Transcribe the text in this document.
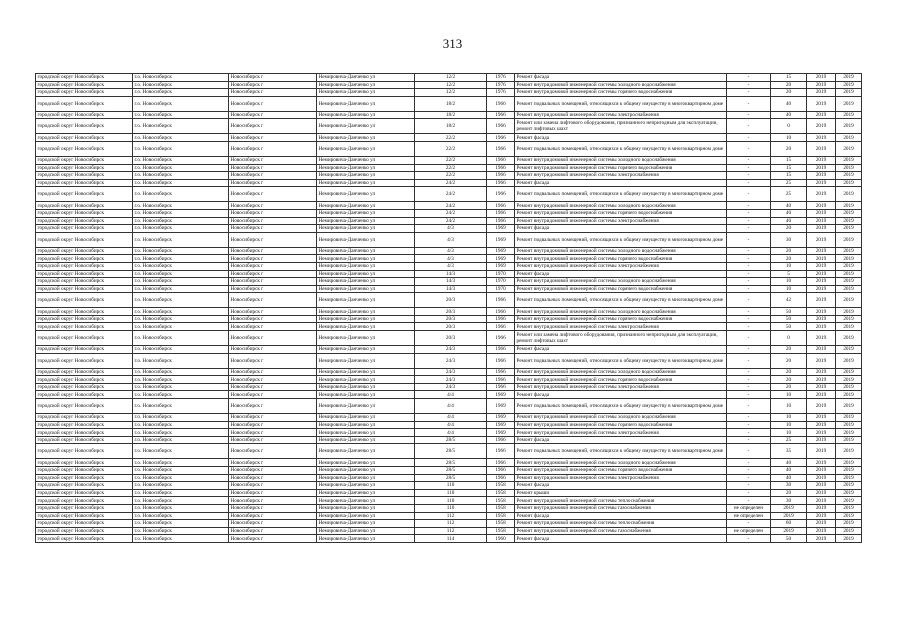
313
городской округ Новосибирск	г.о. Новосибирск	Новосибирск г	Немировича-Данченко ул	12/2	1976	Ремонт фасада	-	15	2019	2019
городской округ Новосибирск	г.о. Новосибирск	Новосибирск г	Немировича-Данченко ул	12/2	1976	Ремонт внутридомовой инженерной системы холодного водоснабжения	-	20	2019	2019
городской округ Новосибирск	г.о. Новосибирск	Новосибирск г	Немировича-Данченко ул	12/2	1976	Ремонт внутридомовой инженерной системы горячего водоснабжения	-	20	2019	2019
городской округ Новосибирск	г.о. Новосибирск	Новосибирск г	Немировича-Данченко ул	18/2	1966	Ремонт подвальных помещений, относящихся к общему имуществу в многоквартирном доме	-	40	2019	2019
городской округ Новосибирск	г.о. Новосибирск	Новосибирск г	Немировича-Данченко ул	18/2	1966	Ремонт внутридомовой инженерной системы электроснабжения	-	40	2019	2019
городской округ Новосибирск	г.о. Новосибирск	Новосибирск г	Немировича-Данченко ул	18/2	1966	Ремонт или замена лифтового оборудования, признанного непригодным для эксплуатации, ремонт лифтовых шахт	-	0	2019	2019
городской округ Новосибирск	г.о. Новосибирск	Новосибирск г	Немировича-Данченко ул	22/2	1966	Ремонт фасада	-	10	2019	2019
городской округ Новосибирск	г.о. Новосибирск	Новосибирск г	Немировича-Данченко ул	22/2	1966	Ремонт подвальных помещений, относящихся к общему имуществу в многоквартирном доме	-	20	2019	2019
городской округ Новосибирск	г.о. Новосибирск	Новосибирск г	Немировича-Данченко ул	22/2	1966	Ремонт внутридомовой инженерной системы холодного водоснабжения	-	15	2019	2019
городской округ Новосибирск	г.о. Новосибирск	Новосибирск г	Немировича-Данченко ул	22/2	1966	Ремонт внутридомовой инженерной системы горячего водоснабжения	-	15	2019	2019
городской округ Новосибирск	г.о. Новосибирск	Новосибирск г	Немировича-Данченко ул	22/2	1966	Ремонт внутридомовой инженерной системы электроснабжения	-	15	2019	2019
городской округ Новосибирск	г.о. Новосибирск	Новосибирск г	Немировича-Данченко ул	24/2	1966	Ремонт фасада	-	25	2019	2019
городской округ Новосибирск	г.о. Новосибирск	Новосибирск г	Немировича-Данченко ул	24/2	1966	Ремонт подвальных помещений, относящихся к общему имуществу в многоквартирном доме	-	25	2019	2019
городской округ Новосибирск	г.о. Новосибирск	Новосибирск г	Немировича-Данченко ул	24/2	1966	Ремонт внутридомовой инженерной системы холодного водоснабжения	-	40	2019	2019
городской округ Новосибирск	г.о. Новосибирск	Новосибирск г	Немировича-Данченко ул	24/2	1966	Ремонт внутридомовой инженерной системы горячего водоснабжения	-	40	2019	2019
городской округ Новосибирск	г.о. Новосибирск	Новосибирск г	Немировича-Данченко ул	24/2	1966	Ремонт внутридомовой инженерной системы электроснабжения	-	40	2019	2019
городской округ Новосибирск	г.о. Новосибирск	Новосибирск г	Немировича-Данченко ул	4/3	1969	Ремонт фасада	-	20	2019	2019
городской округ Новосибирск	г.о. Новосибирск	Новосибирск г	Немировича-Данченко ул	4/3	1969	Ремонт подвальных помещений, относящихся к общему имуществу в многоквартирном доме	-	30	2019	2019
городской округ Новосибирск	г.о. Новосибирск	Новосибирск г	Немировича-Данченко ул	4/3	1969	Ремонт внутридомовой инженерной системы холодного водоснабжения	-	20	2019	2019
городской округ Новосибирск	г.о. Новосибирск	Новосибирск г	Немировича-Данченко ул	4/3	1969	Ремонт внутридомовой инженерной системы горячего водоснабжения	-	20	2019	2019
городской округ Новосибирск	г.о. Новосибирск	Новосибирск г	Немировича-Данченко ул	4/3	1969	Ремонт внутридомовой инженерной системы электроснабжения	-	10	2019	2019
городской округ Новосибирск	г.о. Новосибирск	Новосибирск г	Немировича-Данченко ул	14/3	1970	Ремонт фасада	-	5	2019	2019
городской округ Новосибирск	г.о. Новосибирск	Новосибирск г	Немировича-Данченко ул	14/3	1970	Ремонт внутридомовой инженерной системы холодного водоснабжения	-	10	2019	2019
городской округ Новосибирск	г.о. Новосибирск	Новосибирск г	Немировича-Данченко ул	14/3	1970	Ремонт внутридомовой инженерной системы горячего водоснабжения	-	10	2019	2019
городской округ Новосибирск	г.о. Новосибирск	Новосибирск г	Немировича-Данченко ул	20/3	1966	Ремонт подвальных помещений, относящихся к общему имуществу в многоквартирном доме	-	42	2019	2019
городской округ Новосибирск	г.о. Новосибирск	Новосибирск г	Немировича-Данченко ул	20/3	1966	Ремонт внутридомовой инженерной системы холодного водоснабжения	-	50	2019	2019
городской округ Новосибирск	г.о. Новосибирск	Новосибирск г	Немировича-Данченко ул	20/3	1966	Ремонт внутридомовой инженерной системы горячего водоснабжения	-	50	2019	2019
городской округ Новосибирск	г.о. Новосибирск	Новосибирск г	Немировича-Данченко ул	20/3	1966	Ремонт внутридомовой инженерной системы электроснабжения	-	50	2019	2019
городской округ Новосибирск	г.о. Новосибирск	Новосибирск г	Немировича-Данченко ул	20/3	1966	Ремонт или замена лифтового оборудования, признанного непригодным для эксплуатации, ремонт лифтовых шахт	-	0	2019	2019
городской округ Новосибирск	г.о. Новосибирск	Новосибирск г	Немировича-Данченко ул	24/3	1966	Ремонт фасада	-	20	2019	2019
городской округ Новосибирск	г.о. Новосибирск	Новосибирск г	Немировича-Данченко ул	24/3	1966	Ремонт подвальных помещений, относящихся к общему имуществу в многоквартирном доме	-	20	2019	2019
городской округ Новосибирск	г.о. Новосибирск	Новосибирск г	Немировича-Данченко ул	24/3	1966	Ремонт внутридомовой инженерной системы холодного водоснабжения	-	20	2019	2019
городской округ Новосибирск	г.о. Новосибирск	Новосибирск г	Немировича-Данченко ул	24/3	1966	Ремонт внутридомовой инженерной системы горячего водоснабжения	-	20	2019	2019
городской округ Новосибирск	г.о. Новосибирск	Новосибирск г	Немировича-Данченко ул	24/3	1966	Ремонт внутридомовой инженерной системы электроснабжения	-	20	2019	2019
городской округ Новосибирск	г.о. Новосибирск	Новосибирск г	Немировича-Данченко ул	4/4	1969	Ремонт фасада	-	10	2019	2019
городской округ Новосибирск	г.о. Новосибирск	Новосибирск г	Немировича-Данченко ул	4/4	1969	Ремонт подвальных помещений, относящихся к общему имуществу в многоквартирном доме	-	10	2019	2019
городской округ Новосибирск	г.о. Новосибирск	Новосибирск г	Немировича-Данченко ул	4/4	1969	Ремонт внутридомовой инженерной системы холодного водоснабжения	-	10	2019	2019
городской округ Новосибирск	г.о. Новосибирск	Новосибирск г	Немировича-Данченко ул	4/4	1969	Ремонт внутридомовой инженерной системы горячего водоснабжения	-	10	2019	2019
городской округ Новосибирск	г.о. Новосибирск	Новосибирск г	Немировича-Данченко ул	4/4	1969	Ремонт внутридомовой инженерной системы электроснабжения	-	10	2019	2019
городской округ Новосибирск	г.о. Новосибирск	Новосибирск г	Немировича-Данченко ул	28/5	1966	Ремонт фасада	-	25	2019	2019
городской округ Новосибирск	г.о. Новосибирск	Новосибирск г	Немировича-Данченко ул	28/5	1966	Ремонт подвальных помещений, относящихся к общему имуществу в многоквартирном доме	-	35	2019	2019
городской округ Новосибирск	г.о. Новосибирск	Новосибирск г	Немировича-Данченко ул	28/5	1966	Ремонт внутридомовой инженерной системы холодного водоснабжения	-	40	2019	2019
городской округ Новосибирск	г.о. Новосибирск	Новосибирск г	Немировича-Данченко ул	28/5	1966	Ремонт внутридомовой инженерной системы горячего водоснабжения	-	40	2019	2019
городской округ Новосибирск	г.о. Новосибирск	Новосибирск г	Немировича-Данченко ул	28/5	1966	Ремонт внутридомовой инженерной системы электроснабжения	-	40	2019	2019
городской округ Новосибирск	г.о. Новосибирск	Новосибирск г	Немировича-Данченко ул	110	1958	Ремонт фасада	-	30	2019	2019
городской округ Новосибирск	г.о. Новосибирск	Новосибирск г	Немировича-Данченко ул	110	1958	Ремонт крыши	-	20	2019	2019
городской округ Новосибирск	г.о. Новосибирск	Новосибирск г	Немировича-Данченко ул	110	1958	Ремонт внутридомовой инженерной системы теплоснабжения	-	30	2019	2019
городской округ Новосибирск	г.о. Новосибирск	Новосибирск г	Немировича-Данченко ул	110	1958	Ремонт внутридомовой инженерной системы газоснабжения	не определен	2019	2019	2019
городской округ Новосибирск	г.о. Новосибирск	Новосибирск г	Немировича-Данченко ул	112	1958	Ремонт фасада	не определен	2019	2019	2019
городской округ Новосибирск	г.о. Новосибирск	Новосибирск г	Немировича-Данченко ул	112	1958	Ремонт внутридомовой инженерной системы теплоснабжения	-	60	2019	2019
городской округ Новосибирск	г.о. Новосибирск	Новосибирск г	Немировича-Данченко ул	112	1958	Ремонт внутридомовой инженерной системы газоснабжения	не определен	2019	2019	2019
городской округ Новосибирск	г.о. Новосибирск	Новосибирск г	Немировича-Данченко ул	114	1960	Ремонт фасада	-	50	2019	2019
